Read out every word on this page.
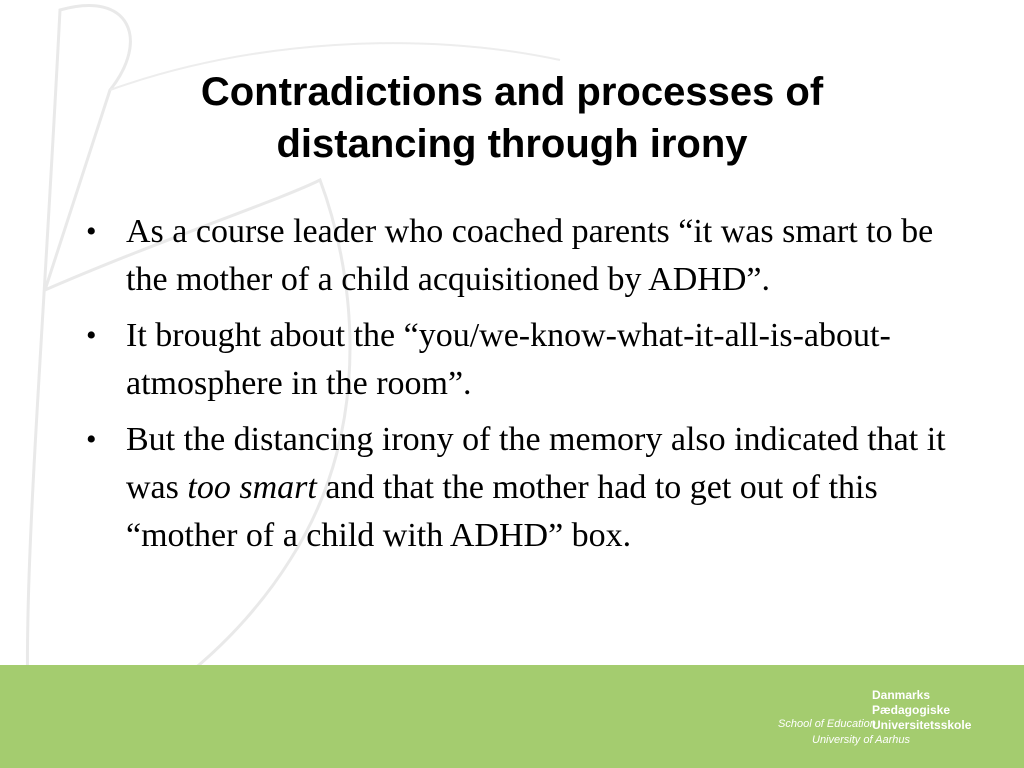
Contradictions and processes of
distancing through irony
• As a course leader who coached parents “it was smart to be the mother of a child acquisitioned by ADHD”.
• It brought about the “you/we-know-what-it-all-is-about-atmosphere in the room”.
• But the distancing irony of the memory also indicated that it was too smart and that the mother had to get out of this “mother of a child with ADHD” box.
Danmarks
Pædagogiske
Universitetsskole
School of Education
University of Aarhus
